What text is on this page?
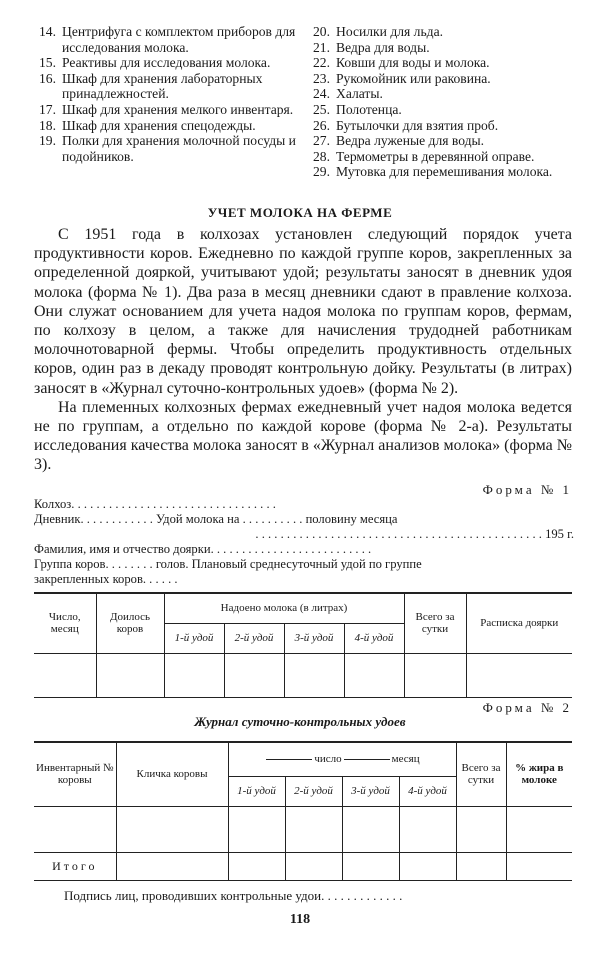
14. Центрифуга с комплектом приборов для исследования молока.
15. Реактивы для исследования молока.
16. Шкаф для хранения лабораторных принадлежностей.
17. Шкаф для хранения мелкого инвентаря.
18. Шкаф для хранения спецодежды.
19. Полки для хранения молочной посуды и подойников.
20. Носилки для льда.
21. Ведра для воды.
22. Ковши для воды и молока.
23. Рукомойник или раковина.
24. Халаты.
25. Полотенца.
26. Бутылочки для взятия проб.
27. Ведра луженые для воды.
28. Термометры в деревянной оправе.
29. Мутовка для перемешивания молока.
УЧЕТ МОЛОКА НА ФЕРМЕ

С 1951 года в колхозах установлен следующий порядок учета продуктивности коров. Ежедневно по каждой группе коров, закрепленных за определенной дояркой, учитывают удой; результаты заносят в дневник удоя молока (форма № 1). Два раза в месяц дневники сдают в правление колхоза. Они служат основанием для учета надоя молока по группам коров, фермам, по колхозу в целом, а также для начисления трудодней работникам молочнотоварной фермы. Чтобы определить продуктивность отдельных коров, один раз в декаду проводят контрольную дойку. Результаты (в литрах) заносят в «Журнал суточно-контрольных удоев» (форма № 2).

На племенных колхозных фермах ежедневный учет надоя молока ведется не по группам, а отдельно по каждой корове (форма № 2-а). Результаты исследования качества молока заносят в «Журнал анализов молока» (форма № 3).

Форма № 1
Колхоз. . . . . . . . . . . . . . . . . . . . . . . . . . . . . . . . .
Дневник. . . . . . . . . . . . Удой молока на . . . . . . . . . . половину месяца
. . . . . . . . . . . . . . . . . . . . . . . . . . . . . . . . . . . . . . . . . . . . . . 195 г.
Фамилия, имя и отчество доярки. . . . . . . . . . . . . . . . . . . . . . . . . .
Группа коров. . . . . . . . голов. Плановый среднесуточный удой по группе
закрепленных коров. . . . . .
Число, месяц	Доилось коров	Надоено молока (в литрах)				Всего за сутки	Расписка доярки
		1-й удой	2-й удой	3-й удой	4-й удой		

Форма № 2
Журнал суточно-контрольных удоев
Инвентарный № коровы	Кличка коровы	число месяц				Всего за сутки	% жира в молоке
		1-й удой	2-й удой	3-й удой	4-й удой		

Итого							
Подпись лиц, проводивших контрольные удои. . . . . . . . . . . . .
118
